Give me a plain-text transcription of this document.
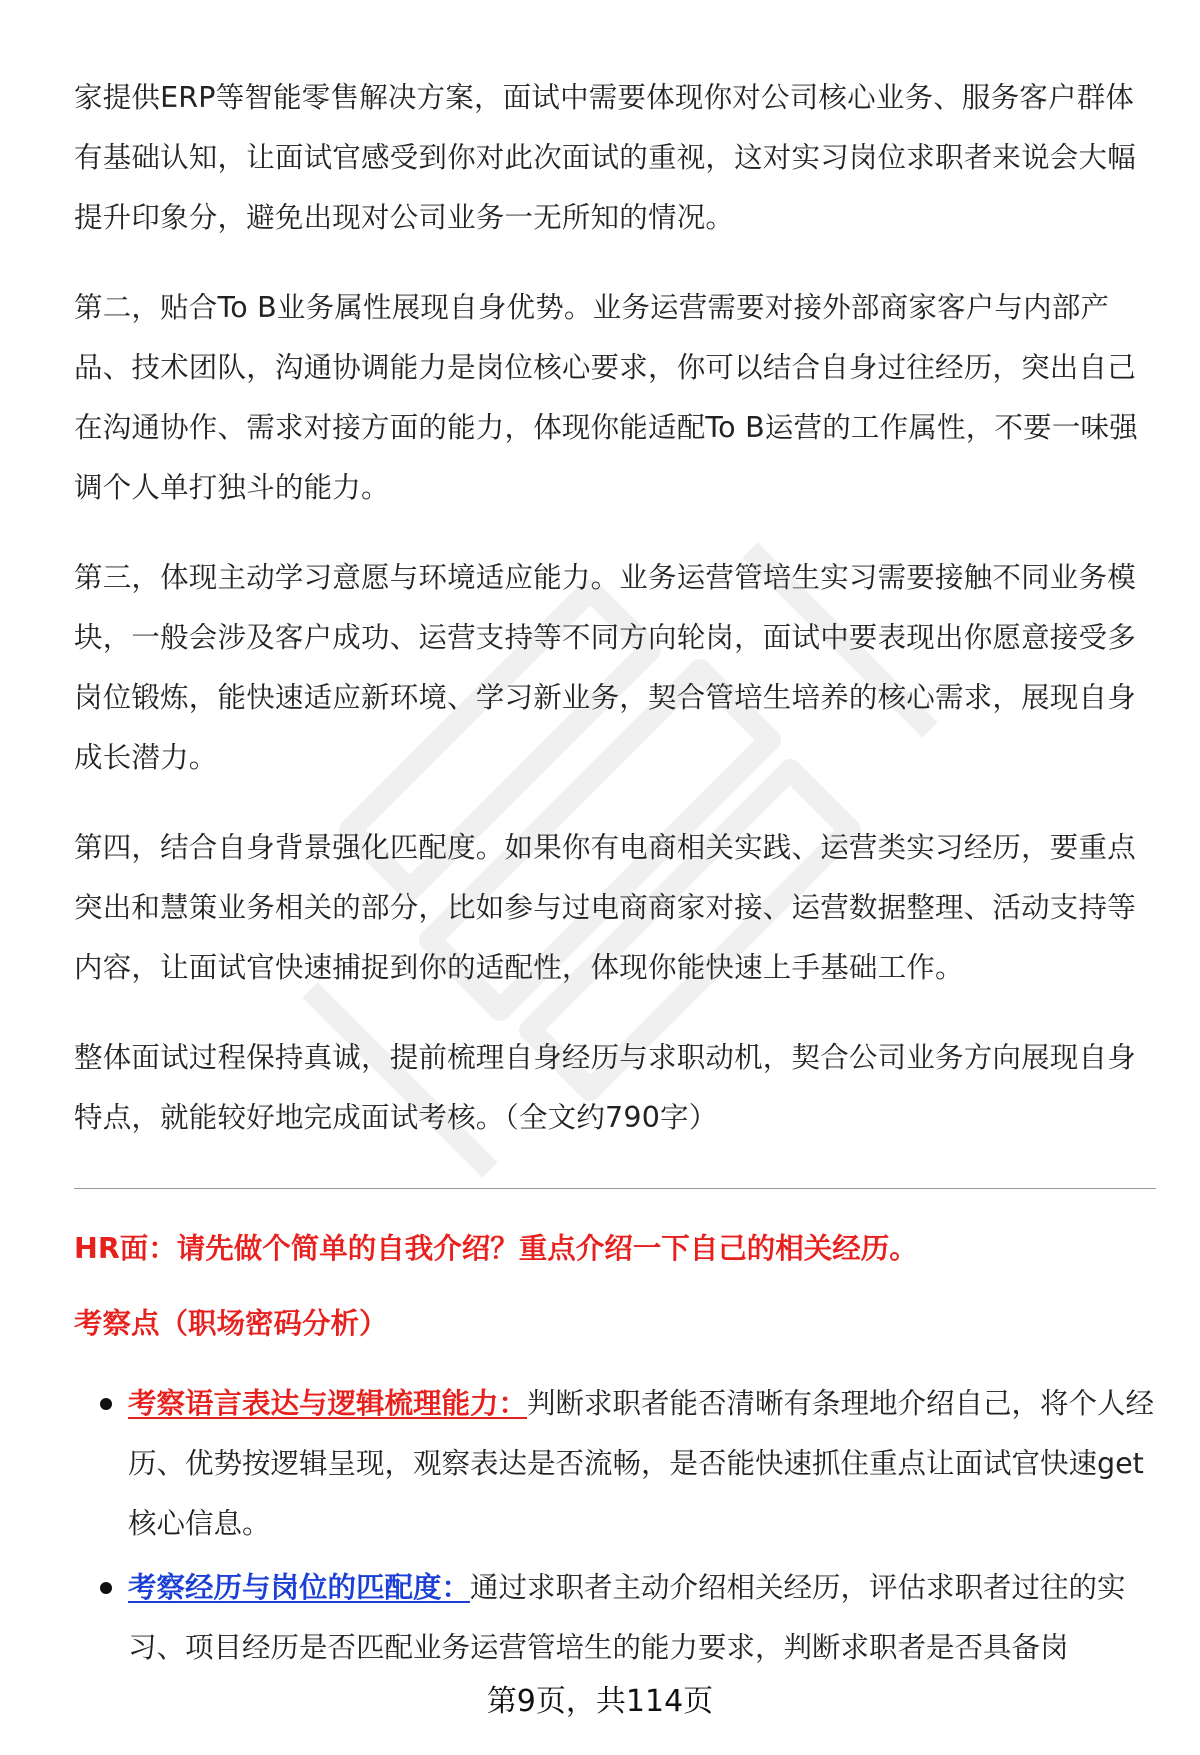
家提供ERP等智能零售解决方案，面试中需要体现你对公司核心业务、服务客户群体有基础认知，让面试官感受到你对此次面试的重视，这对实习岗位求职者来说会大幅提升印象分，避免出现对公司业务一无所知的情况。

第二，贴合To B业务属性展现自身优势。业务运营需要对接外部商家客户与内部产品、技术团队，沟通协调能力是岗位核心要求，你可以结合自身过往经历，突出自己在沟通协作、需求对接方面的能力，体现你能适配To B运营的工作属性，不要一味强调个人单打独斗的能力。

第三，体现主动学习意愿与环境适应能力。业务运营管培生实习需要接触不同业务模块，一般会涉及客户成功、运营支持等不同方向轮岗，面试中要表现出你愿意接受多岗位锻炼，能快速适应新环境、学习新业务，契合管培生培养的核心需求，展现自身成长潜力。

第四，结合自身背景强化匹配度。如果你有电商相关实践、运营类实习经历，要重点突出和慧策业务相关的部分，比如参与过电商商家对接、运营数据整理、活动支持等内容，让面试官快速捕捉到你的适配性，体现你能快速上手基础工作。

整体面试过程保持真诚，提前梳理自身经历与求职动机，契合公司业务方向展现自身特点，就能较好地完成面试考核。（全文约790字）

HR面：请先做个简单的自我介绍？重点介绍一下自己的相关经历。

考察点（职场密码分析）

考察语言表达与逻辑梳理能力：判断求职者能否清晰有条理地介绍自己，将个人经历、优势按逻辑呈现，观察表达是否流畅，是否能快速抓住重点让面试官快速get核心信息。
考察经历与岗位的匹配度：通过求职者主动介绍相关经历，评估求职者过往的实习、项目经历是否匹配业务运营管培生的能力要求，判断求职者是否具备岗
第9页，共114页
